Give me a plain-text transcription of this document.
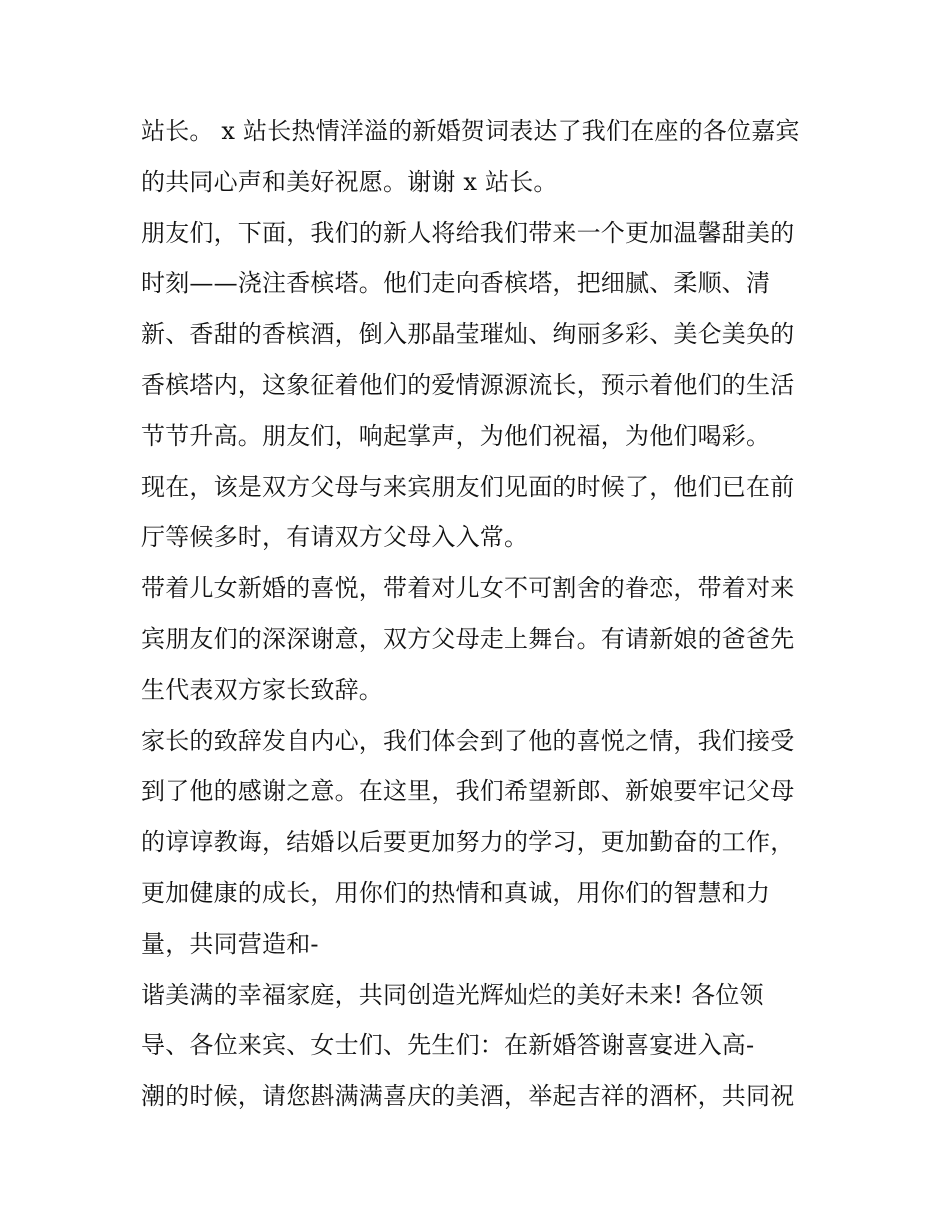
站长。 x 站长热情洋溢的新婚贺词表达了我们在座的各位嘉宾
的共同心声和美好祝愿。谢谢 x 站长。
朋友们，下面，我们的新人将给我们带来一个更加温馨甜美的
时刻——浇注香槟塔。他们走向香槟塔，把细腻、柔顺、清
新、香甜的香槟酒，倒入那晶莹璀灿、绚丽多彩、美仑美奂的
香槟塔内，这象征着他们的爱情源源流长，预示着他们的生活
节节升高。朋友们，响起掌声，为他们祝福，为他们喝彩。
现在，该是双方父母与来宾朋友们见面的时候了，他们已在前
厅等候多时，有请双方父母入入常。
带着儿女新婚的喜悦，带着对儿女不可割舍的眷恋，带着对来
宾朋友们的深深谢意，双方父母走上舞台。有请新娘的爸爸先
生代表双方家长致辞。
家长的致辞发自内心，我们体会到了他的喜悦之情，我们接受
到了他的感谢之意。在这里，我们希望新郎、新娘要牢记父母
的谆谆教诲，结婚以后要更加努力的学习，更加勤奋的工作，
更加健康的成长，用你们的热情和真诚，用你们的智慧和力
量，共同营造和-
谐美满的幸福家庭，共同创造光辉灿烂的美好未来! 各位领
导、各位来宾、女士们、先生们：在新婚答谢喜宴进入高-
潮的时候，请您斟满满喜庆的美酒，举起吉祥的酒杯，共同祝
